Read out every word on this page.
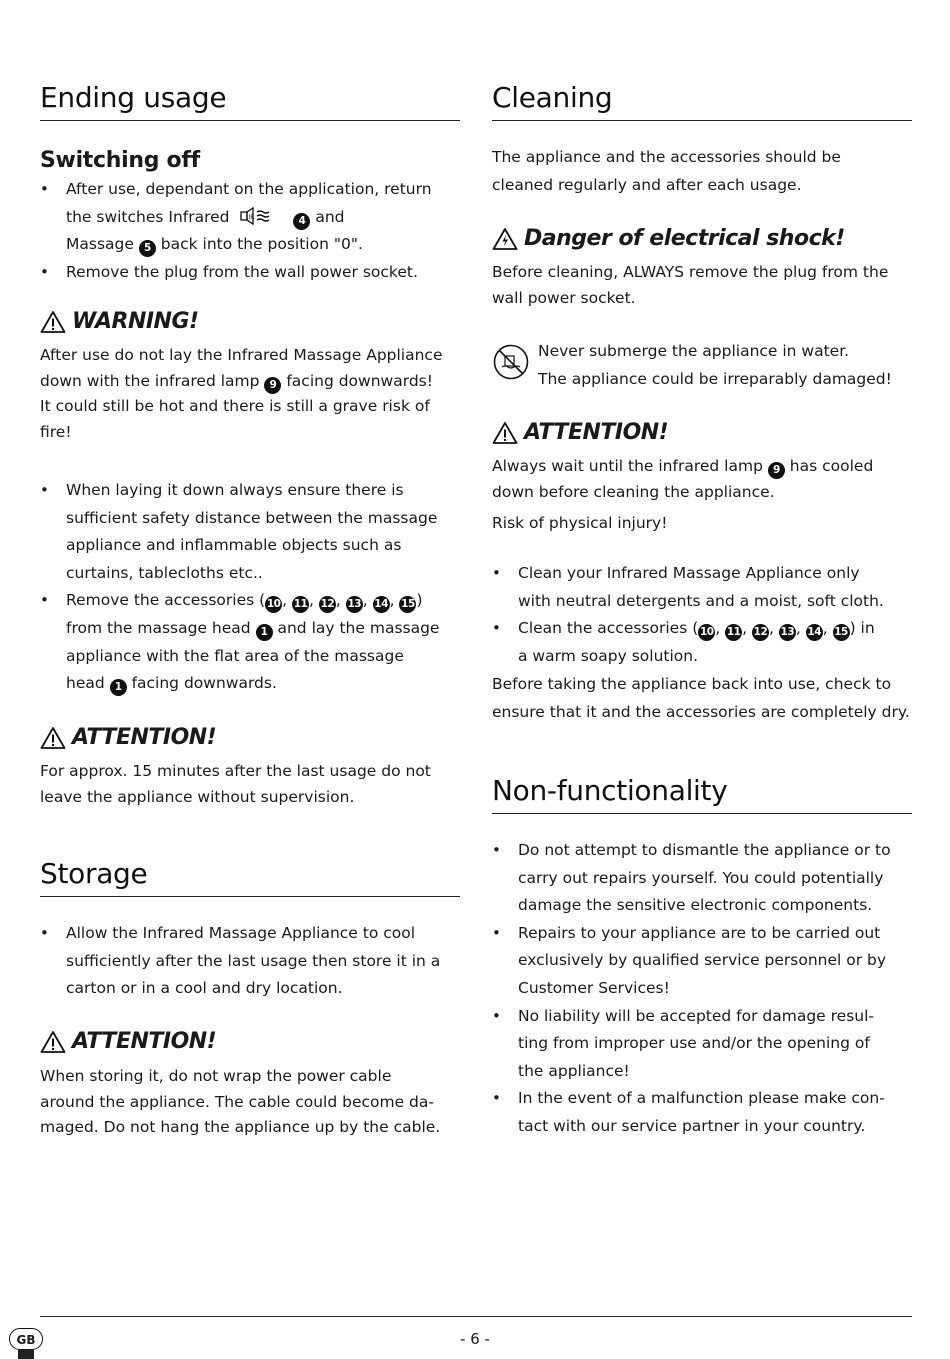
Ending usage
Switching off
• After use, dependant on the application, return
the switches Infrared	IR	4 and
Massage 5 back into the position "0".
• Remove the plug from the wall power socket.
WARNING!
After use do not lay the Infrared Massage Appliance
down with the infrared lamp 9 facing downwards!
It could still be hot and there is still a grave risk of
fire!
• When laying it down always ensure there is
sufficient safety distance between the massage
appliance and inflammable objects such as
curtains, tablecloths etc..
• Remove the accessories ( 10 , 11 , 12 , 13 , 14 , 15 )
from the massage head 1 and lay the massage
appliance with the flat area of the massage
head 1 facing downwards.
ATTENTION!
For approx. 15 minutes after the last usage do not
leave the appliance without supervision.
Storage
• Allow the Infrared Massage Appliance to cool
sufficiently after the last usage then store it in a
carton or in a cool and dry location.
ATTENTION!
When storing it, do not wrap the power cable
around the appliance. The cable could become da-
maged. Do not hang the appliance up by the cable.
Cleaning
The appliance and the accessories should be
cleaned regularly and after each usage.
Danger of electrical shock!
Before cleaning, ALWAYS remove the plug from the
wall power socket.
Never submerge the appliance in water.
The appliance could be irreparably damaged!
ATTENTION!
Always wait until the infrared lamp 9 has cooled
down before cleaning the appliance.
Risk of physical injury!
• Clean your Infrared Massage Appliance only
with neutral detergents and a moist, soft cloth.
• Clean the accessories ( 10 , 11 , 12 , 13 , 14 , 15 ) in
a warm soapy solution.
Before taking the appliance back into use, check to
ensure that it and the accessories are completely dry.
Non-functionality
• Do not attempt to dismantle the appliance or to
carry out repairs yourself. You could potentially
damage the sensitive electronic components.
• Repairs to your appliance are to be carried out
exclusively by qualified service personnel or by
Customer Services!
• No liability will be accepted for damage resul-
ting from improper use and/or the opening of
the appliance!
• In the event of a malfunction please make con-
tact with our service partner in your country.
GB	- 6 -
